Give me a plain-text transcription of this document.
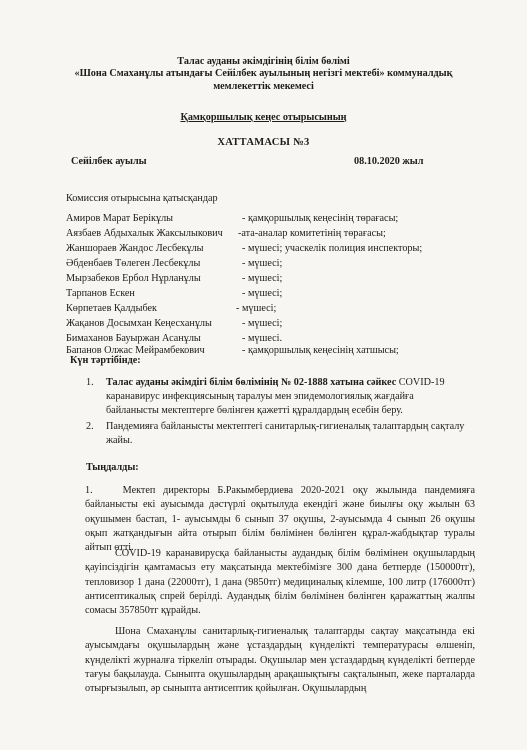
Талас ауданы әкімдігінің білім бөлімі
«Шона Смаханұлы атындағы Сейілбек ауылының негізгі мектебі» коммуналдық
мемлекеттік мекемесі
Қамқоршылық кеңес отырысының
ХАТТАМАСЫ №3
Сейілбек ауылы	08.10.2020 жыл
Комиссия отырысына қатысқандар
Амиров Марат Берікұлы	- қамқоршылық кеңесінің төрағасы;
Аязбаев Абдыхалык Жаксылыкович -ата-аналар комитетінің төрағасы;
Жаншораев Жандос Лесбекұлы	- мүшесі; учаскелік полиция инспекторы;
Әбденбаев Төлеген Лесбекұлы	- мүшесі;
Мырзабеков Ербол Нұрланұлы	- мүшесі;
Тарпанов Ескен	- мүшесі;
Көрпетаев Қалдыбек	- мүшесі;
Жақанов Досымхан Кеңесханұлы	- мүшесі;
Бимаханов Бауыржан Асанұлы	- мүшесі.
Бапанов Олжас Мейрамбекович	- қамқоршылық кеңесінің хатшысы;
Күн тәртібінде:
1. Талас ауданы әкімдігі білім бөлімінің № 02-1888 хатына сәйкес COVID-19 каранавирус инфекциясының таралуы мен эпидемологиялық жағдайға байланысты мектептерге бөлінген қажетті құралдардың есебін беру.
2. Пандемияға байланысты мектептегі санитарлық-гигиеналық талаптардың сақталу жайы.
Тыңдалды:
1.	Мектеп директоры Б.Ракымбердиева 2020-2021 оқу жылында пандемияға байланысты екі ауысымда дәстүрлі оқытылуда екендігі және биылғы оқу жылын 63 оқушымен бастап, 1- ауысымды 6 сынып 37 оқушы, 2-ауысымда 4 сынып 26 оқушы оқып жатқандығын айта отырып білім бөлімінен бөлінген құрал-жабдықтар туралы айтып өтті.
COVID-19 каранавирусқа байланысты аудандық білім бөлімінен оқушылардың қауіпсіздігін қамтамасыз ету мақсатында мектебімізге 300 дана бетперде (150000тг), тепловизор 1 дана (22000тг), 1 дана (9850тг) медициналық кілемше, 100 литр (176000тг) антисептикалық спрей берілді. Аудандық білім бөлімінен бөлінген қаражаттың жалпы сомасы 357850тг құрайды.
Шона Смаханұлы санитарлық-гигиеналық талаптарды сақтау мақсатында екі ауысымдағы оқушылардың және ұстаздардың күнделікті температурасы өлшеніп, күнделікті журналға тіркеліп отырады. Оқушылар мен ұстаздардың күнделікті бетперде тағуы бақылауда. Сыныпта оқушылардың арақашықтығы сақталынып, жеке парталарда отырғызылып, әр сыныпта антисептик қойылған. Оқушылардың
